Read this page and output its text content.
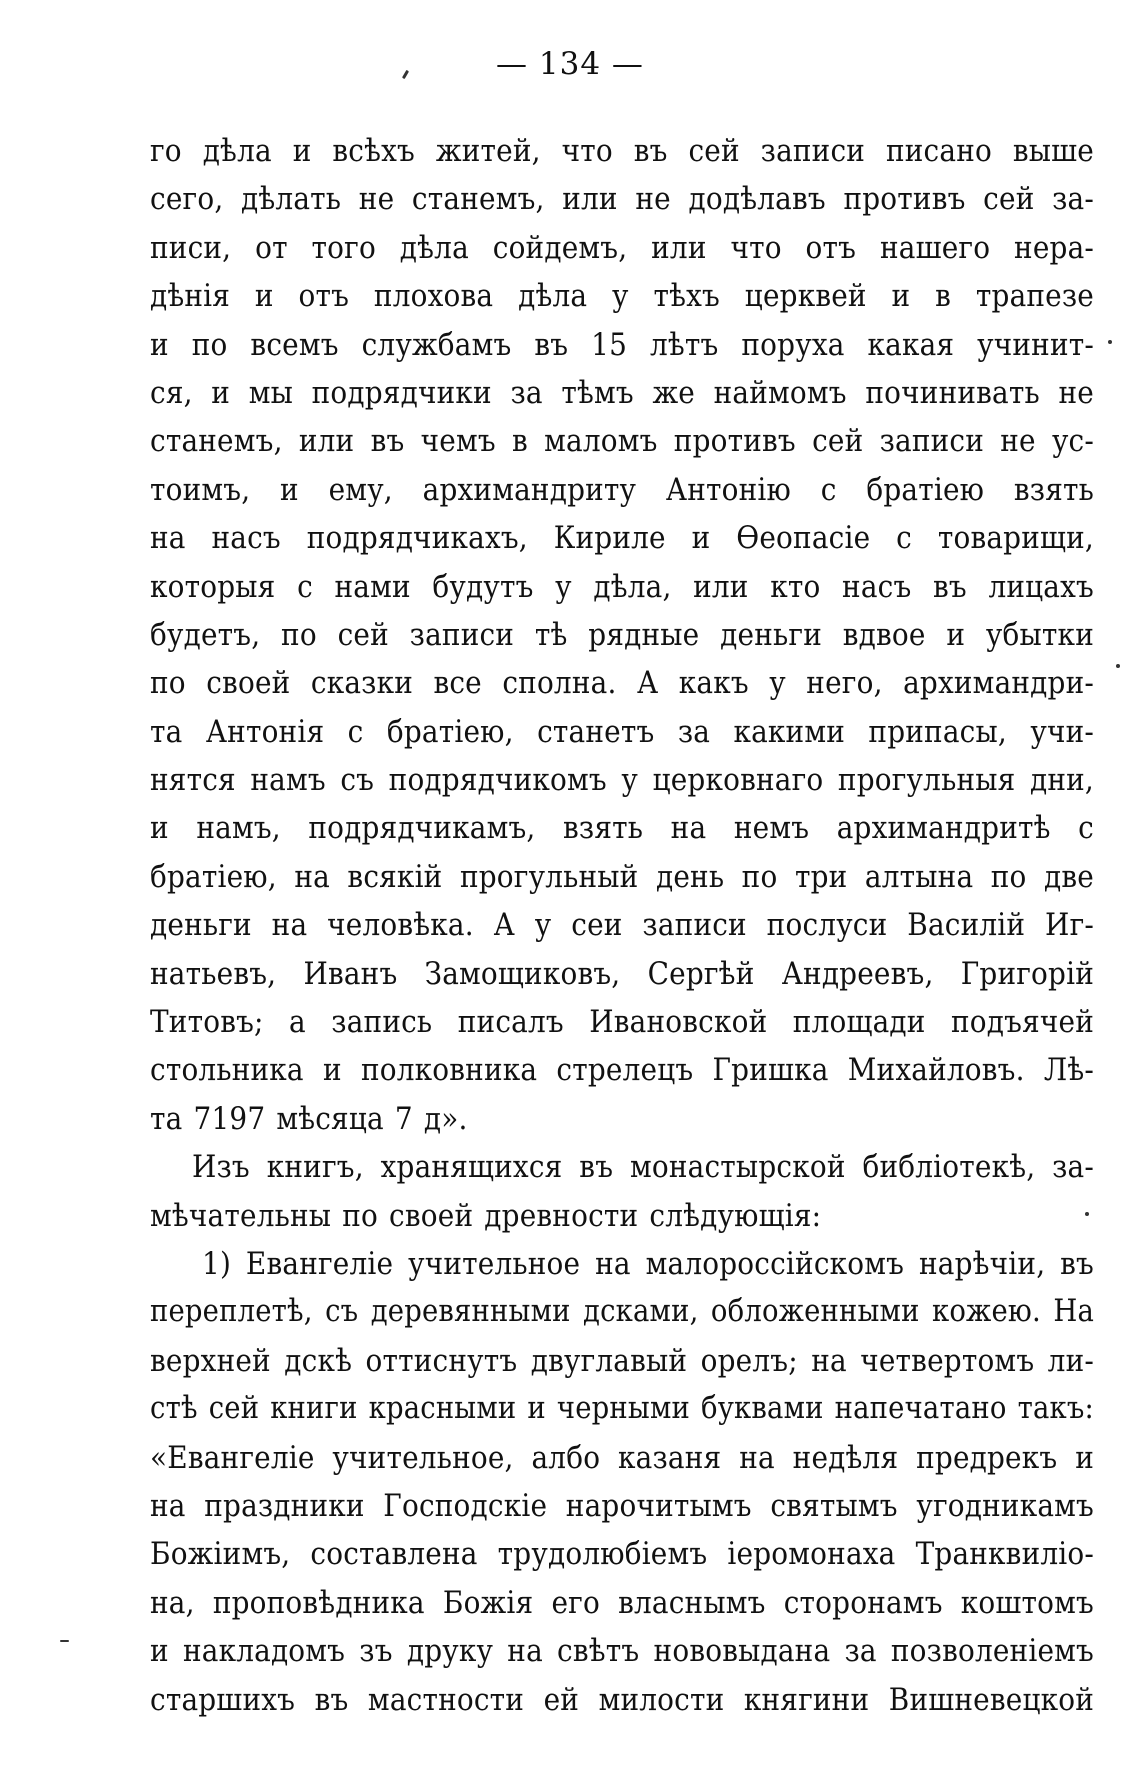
— 134 —
го дѣла и всѣхъ житей, что въ сей записи писано выше
сего, дѣлать не станемъ, или не додѣлавъ противъ сей за-
писи, от того дѣла сойдемъ, или что отъ нашего нера-
дѣнія и отъ плохова дѣла у тѣхъ церквей и в трапезе
и по всемъ службамъ въ 15 лѣтъ поруха какая учинит-
ся, и мы подрядчики за тѣмъ же наймомъ починивать не
станемъ, или въ чемъ в маломъ противъ сей записи не ус-
тоимъ, и ему, архимандриту Антонію с братіею взять
на насъ подрядчикахъ, Кириле и Ѳеопасіе с товарищи,
которыя с нами будутъ у дѣла, или кто насъ въ лицахъ
будетъ, по сей записи тѣ рядные деньги вдвое и убытки
по своей сказки все сполна. А какъ у него, архимандри-
та Антонія с братіею, станетъ за какими припасы, учи-
нятся намъ съ подрядчикомъ у церковнаго прогульныя дни,
и намъ, подрядчикамъ, взять на немъ архимандритѣ с
братіею, на всякій прогульный день по три алтына по две
деньги на человѣка. А у сеи записи послуси Василій Иг-
натьевъ, Иванъ Замощиковъ, Сергѣй Андреевъ, Григорій
Титовъ; а запись писалъ Ивановской площади подъячей
стольника и полковника стрелецъ Гришка Михайловъ. Лѣ-
та 7197 мѣсяца 7 д».
Изъ книгъ, хранящихся въ монастырской библіотекѣ, за-
мѣчательны по своей древности слѣдующія:
1) Евангеліе учительное на малороссійскомъ нарѣчіи, въ
переплетѣ, съ деревянными дсками, обложенными кожею. На
верхней дскѣ оттиснутъ двуглавый орелъ; на четвертомъ ли-
стѣ сей книги красными и черными буквами напечатано такъ:
«Евангеліе учительное, албо казаня на недѣля предрекъ и
на праздники Господскіе нарочитымъ святымъ угодникамъ
Божіимъ, составлена трудолюбіемъ іеромонаха Транквиліо-
на, проповѣдника Божія его власнымъ сторонамъ коштомъ
и накладомъ зъ друку на свѣтъ нововыдана за позволеніемъ
старшихъ въ мастности ей милости княгини Вишневецкой
